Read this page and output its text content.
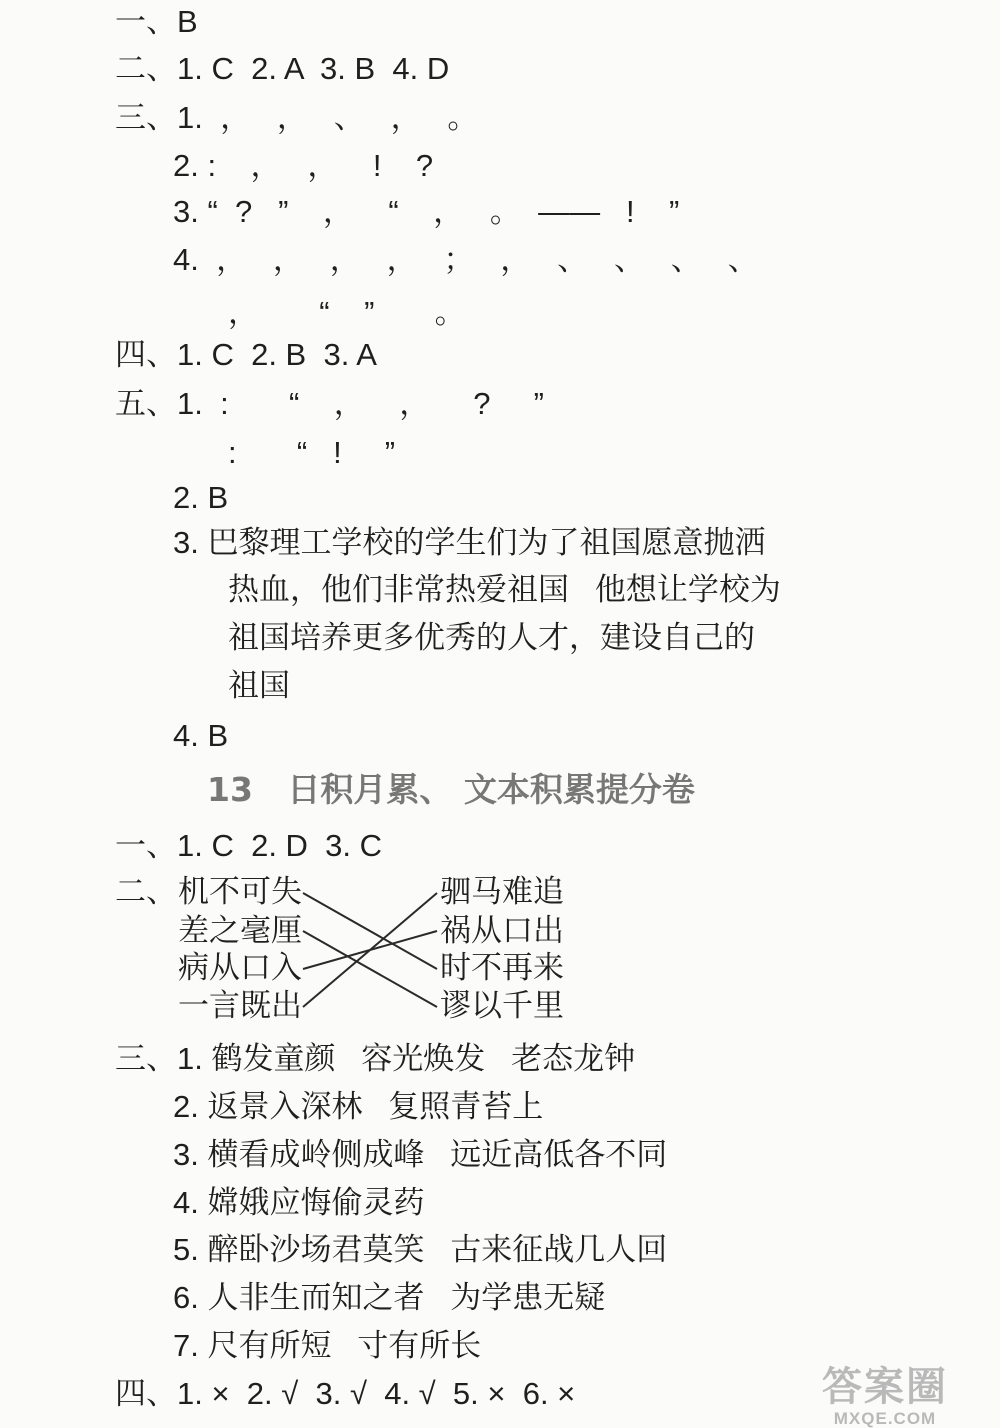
一、B
二、1. C  2. A  3. B  4. D
三、1.  ，   ，   、   ，   。
2. :    ，   ，    !    ?
3. “  ?   ”    ，    “    ，   。  ——   !    ”
4.  ，   ，   ，   ，   ；   ，   、   、   、   、
，       “    ”       。
四、1. C  2. B  3. A
五、1.  :       “    ，    ，     ?     ”
:       “   !     ”
2. B
3. 巴黎理工学校的学生们为了祖国愿意抛洒
热血，他们非常热爱祖国   他想让学校为
祖国培养更多优秀的人才，建设自己的
祖国
4. B
一、1. C  2. D  3. C
三、1. 鹤发童颜   容光焕发   老态龙钟
2. 返景入深林   复照青苔上
3. 横看成岭侧成峰   远近高低各不同
4. 嫦娥应悔偷灵药
5. 醉卧沙场君莫笑   古来征战几人回
6. 人非生而知之者   为学患无疑
7. 尺有所短   寸有所长
四、1. ×  2. √  3. √  4. √  5. ×  6. ×
13   日积月累、 文本积累提分卷
二、 机不可失
差之毫厘
病从口入
一言既出
驷马难追
祸从口出
时不再来
谬以千里
答案圈
MXQE.COM
